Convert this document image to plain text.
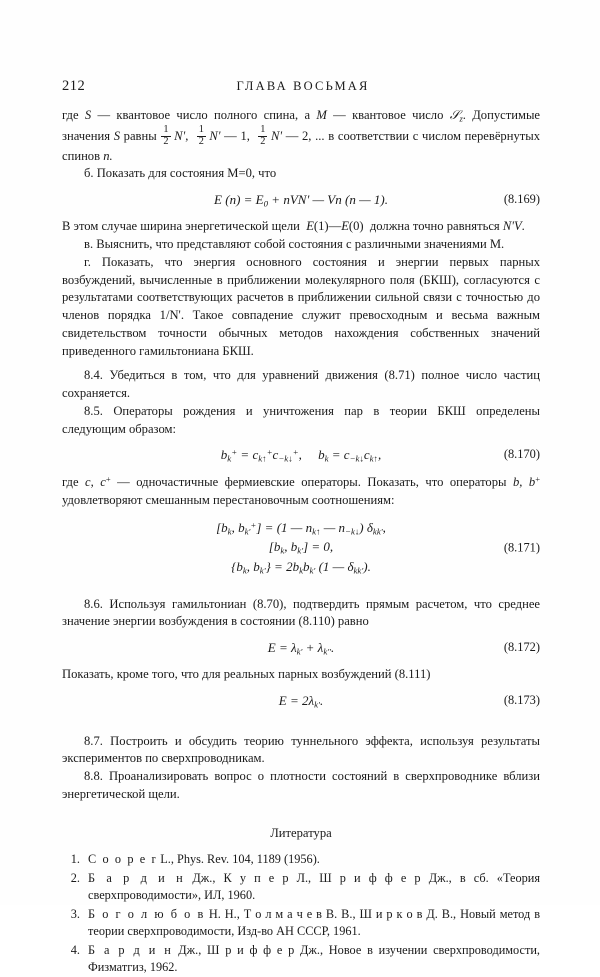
212	ГЛАВА ВОСЬМАЯ

где S — квантовое число полного спина, а M — квантовое число 𝒮$_z$. Допустимые значения S равны $\frac{1}{2} N'$, $\frac{1}{2} N'$ — 1, $\frac{1}{2} N'$ — 2, ... в соответствии с числом перевёрнутых спинов n.

б. Показать для состояния M=0, что

E $(n) = E_0 + nVN'$ — Vn (n — 1).	(8.169)

В этом случае ширина энергетической щели  E(1)—E(0)  должна точно равняться N'V.

в. Выяснить, что представляют собой состояния с различными значениями M.

г. Показать, что энергия основного состояния и энергии первых парных возбуждений, вычисленные в приближении молекулярного поля (БКШ), согласуются с результатами соответствующих расчетов в приближении сильной связи с точностью до членов порядка 1/N'. Такое совпадение служит превосходным и весьма важным свидетельством точности обычных методов нахождения собственных значений приведенного гамильтониана БКШ.

8.4. Убедиться в том, что для уравнений движения (8.71) полное число частиц сохраняется.

8.5. Операторы рождения и уничтожения пар в теории БКШ определены следующим образом:

$b_k^+ = c_{k↑}^+c_{-k↓}^+$,     $b_k = c_{-k↓}c_{k↑}$,	(8.170)

где c, c+ — одночастичные фермиевские операторы. Показать, что операторы b, b+ удовлетворяют смешанным перестановочным соотношениям:

[$b_k$, $b_{k'}^+] = (1$ — $n_{k↑}$ — $n_{-k↓}$) $\delta_{kk'}$,
[$b_k$, $b_{k'}] = 0$,
{$b_k$, $b_{k'}\} = 2b_kb_{k'}$ (1 — $\delta_{kk'}$).
(8.171)

8.6. Используя гамильтониан (8.70), подтвердить прямым расчетом, что среднее значение энергии возбуждения в состоянии (8.110) равно

$E = \lambda_{k'} + \lambda_{k''}$.	(8.172)

Показать, кроме того, что для реальных парных возбуждений (8.111)

$E = 2\lambda_{k'}$.	(8.173)

8.7. Построить и обсудить теорию туннельного эффекта, используя результаты экспериментов по сверхпроводникам.

8.8. Проанализировать вопрос о плотности состояний в сверхпроводнике вблизи энергетической щели.

Литература
1. C o o p e r L., Phys. Rev. 104, 1189 (1956).
2. Б а р д и н Дж., К у п е р Л., Ш р и ф ф е р Дж., в сб. «Теория сверхпроводимости», ИЛ, 1960.
3. Б о г о л ю б о в Н. Н., Т о л м а ч е в В. В., Ш и р к о в Д. В., Новый метод в теории сверхпроводимости, Изд-во АН СССР, 1961.
4. Б а р д и н Дж., Ш р и ф ф е р Дж., Новое в изучении сверхпроводимости, Физматгиз, 1962.
